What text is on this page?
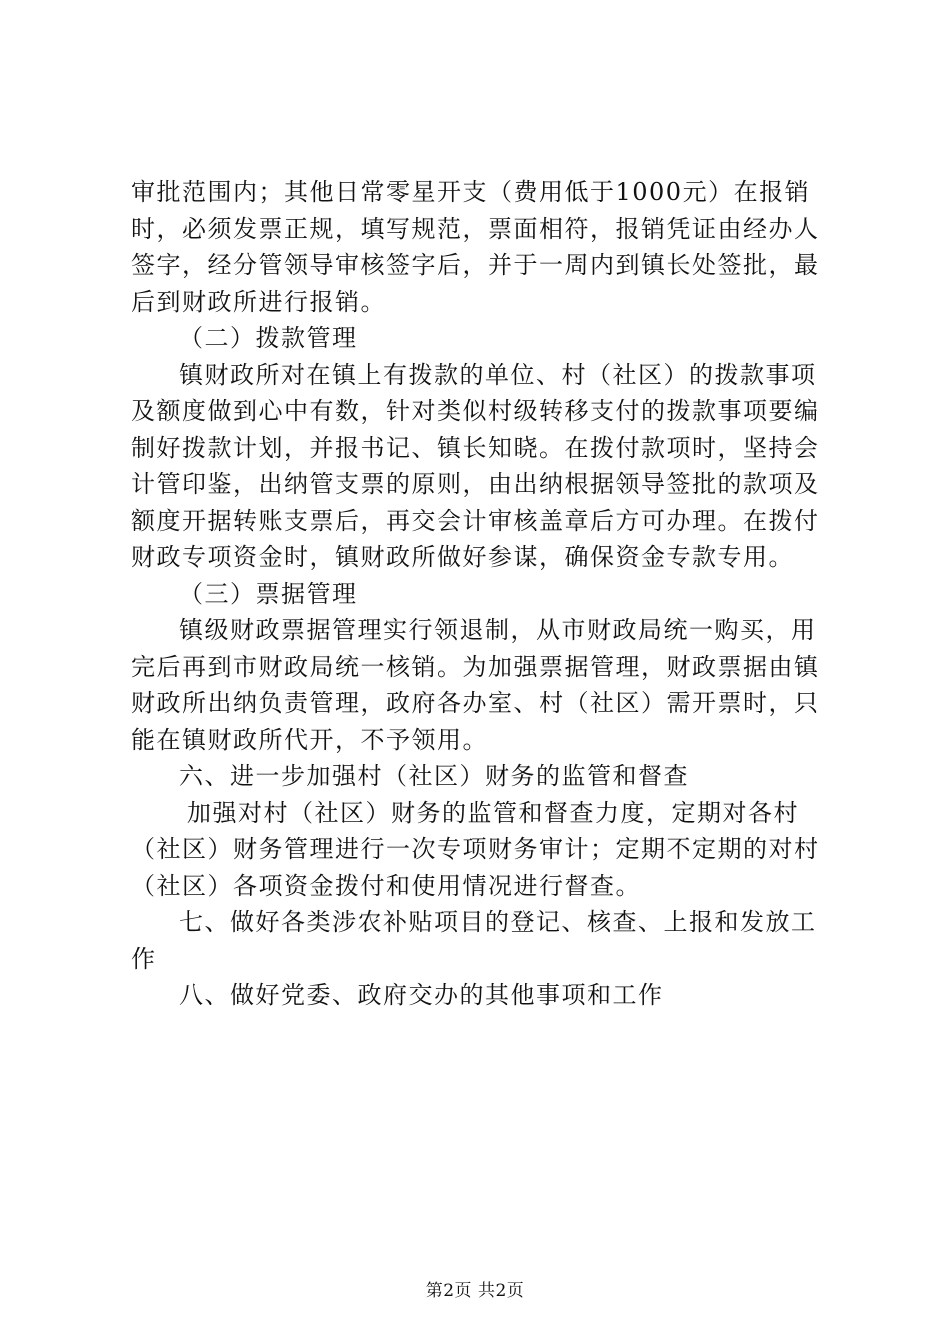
审批范围内；其他日常零星开支（费用低于1000元）在报销时，必须发票正规，填写规范，票面相符，报销凭证由经办人签字，经分管领导审核签字后，并于一周内到镇长处签批，最后到财政所进行报销。

（二）拨款管理

镇财政所对在镇上有拨款的单位、村（社区）的拨款事项及额度做到心中有数，针对类似村级转移支付的拨款事项要编制好拨款计划，并报书记、镇长知晓。在拨付款项时，坚持会计管印鉴，出纳管支票的原则，由出纳根据领导签批的款项及额度开据转账支票后，再交会计审核盖章后方可办理。在拨付财政专项资金时，镇财政所做好参谋，确保资金专款专用。

（三）票据管理

镇级财政票据管理实行领退制，从市财政局统一购买，用完后再到市财政局统一核销。为加强票据管理，财政票据由镇财政所出纳负责管理，政府各办室、村（社区）需开票时，只能在镇财政所代开，不予领用。

六、进一步加强村（社区）财务的监管和督查

加强对村（社区）财务的监管和督查力度，定期对各村（社区）财务管理进行一次专项财务审计；定期不定期的对村（社区）各项资金拨付和使用情况进行督查。

七、做好各类涉农补贴项目的登记、核查、上报和发放工作

八、做好党委、政府交办的其他事项和工作

第2页 共2页
